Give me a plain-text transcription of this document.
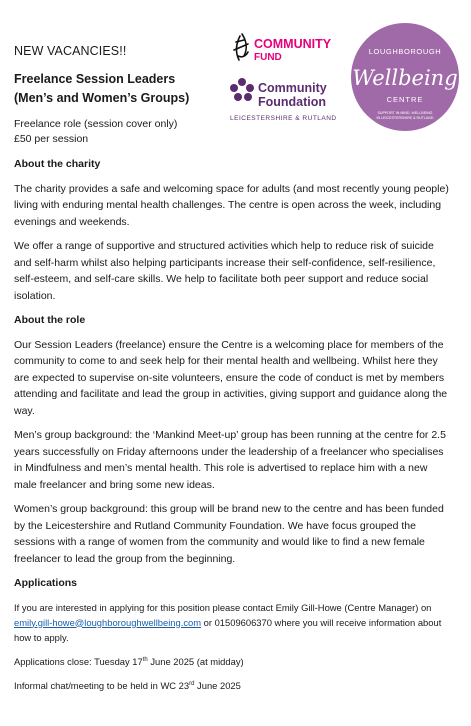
NEW VACANCIES!!
Freelance Session Leaders
(Men’s and Women’s Groups)
Freelance role (session cover only)
£50 per session
COMMUNITY
FUND
Community
Foundation
LEICESTERSHIRE & RUTLAND
LOUGHBOROUGH
Wellbeing
CENTRE
SUPPORT IN MIND, WELLBEING
IN LEICESTERSHIRE & RUTLAND
About the charity

The charity provides a safe and welcoming space for adults (and most recently young people) living with enduring mental health challenges. The centre is open across the week, including evenings and weekends.

We offer a range of supportive and structured activities which help to reduce risk of suicide and self-harm whilst also helping participants increase their self-confidence, self-resilience, self-esteem, and self-care skills. We help to facilitate both peer support and reduce social isolation.

About the role

Our Session Leaders (freelance) ensure the Centre is a welcoming place for members of the community to come to and seek help for their mental health and wellbeing. Whilst here they are expected to supervise on-site volunteers, ensure the code of conduct is met by members attending and facilitate and lead the group in activities, giving support and guidance along the way.

Men’s group background: the ‘Mankind Meet-up’ group has been running at the centre for 2.5 years successfully on Friday afternoons under the leadership of a freelancer who specialises in Mindfulness and men’s mental health. This role is advertised to replace him with a new male freelancer and bring some new ideas.

Women’s group background: this group will be brand new to the centre and has been funded by the Leicestershire and Rutland Community Foundation. We have focus grouped the sessions with a range of women from the community and would like to find a new female freelancer to lead the group from the beginning.

Applications

If you are interested in applying for this position please contact Emily Gill-Howe (Centre Manager) on emily.gill-howe@loughboroughwellbeing.com or 01509606370 where you will receive information about how to apply.

Applications close: Tuesday 17th June 2025 (at midday)

Informal chat/meeting to be held in WC 23rd June 2025
